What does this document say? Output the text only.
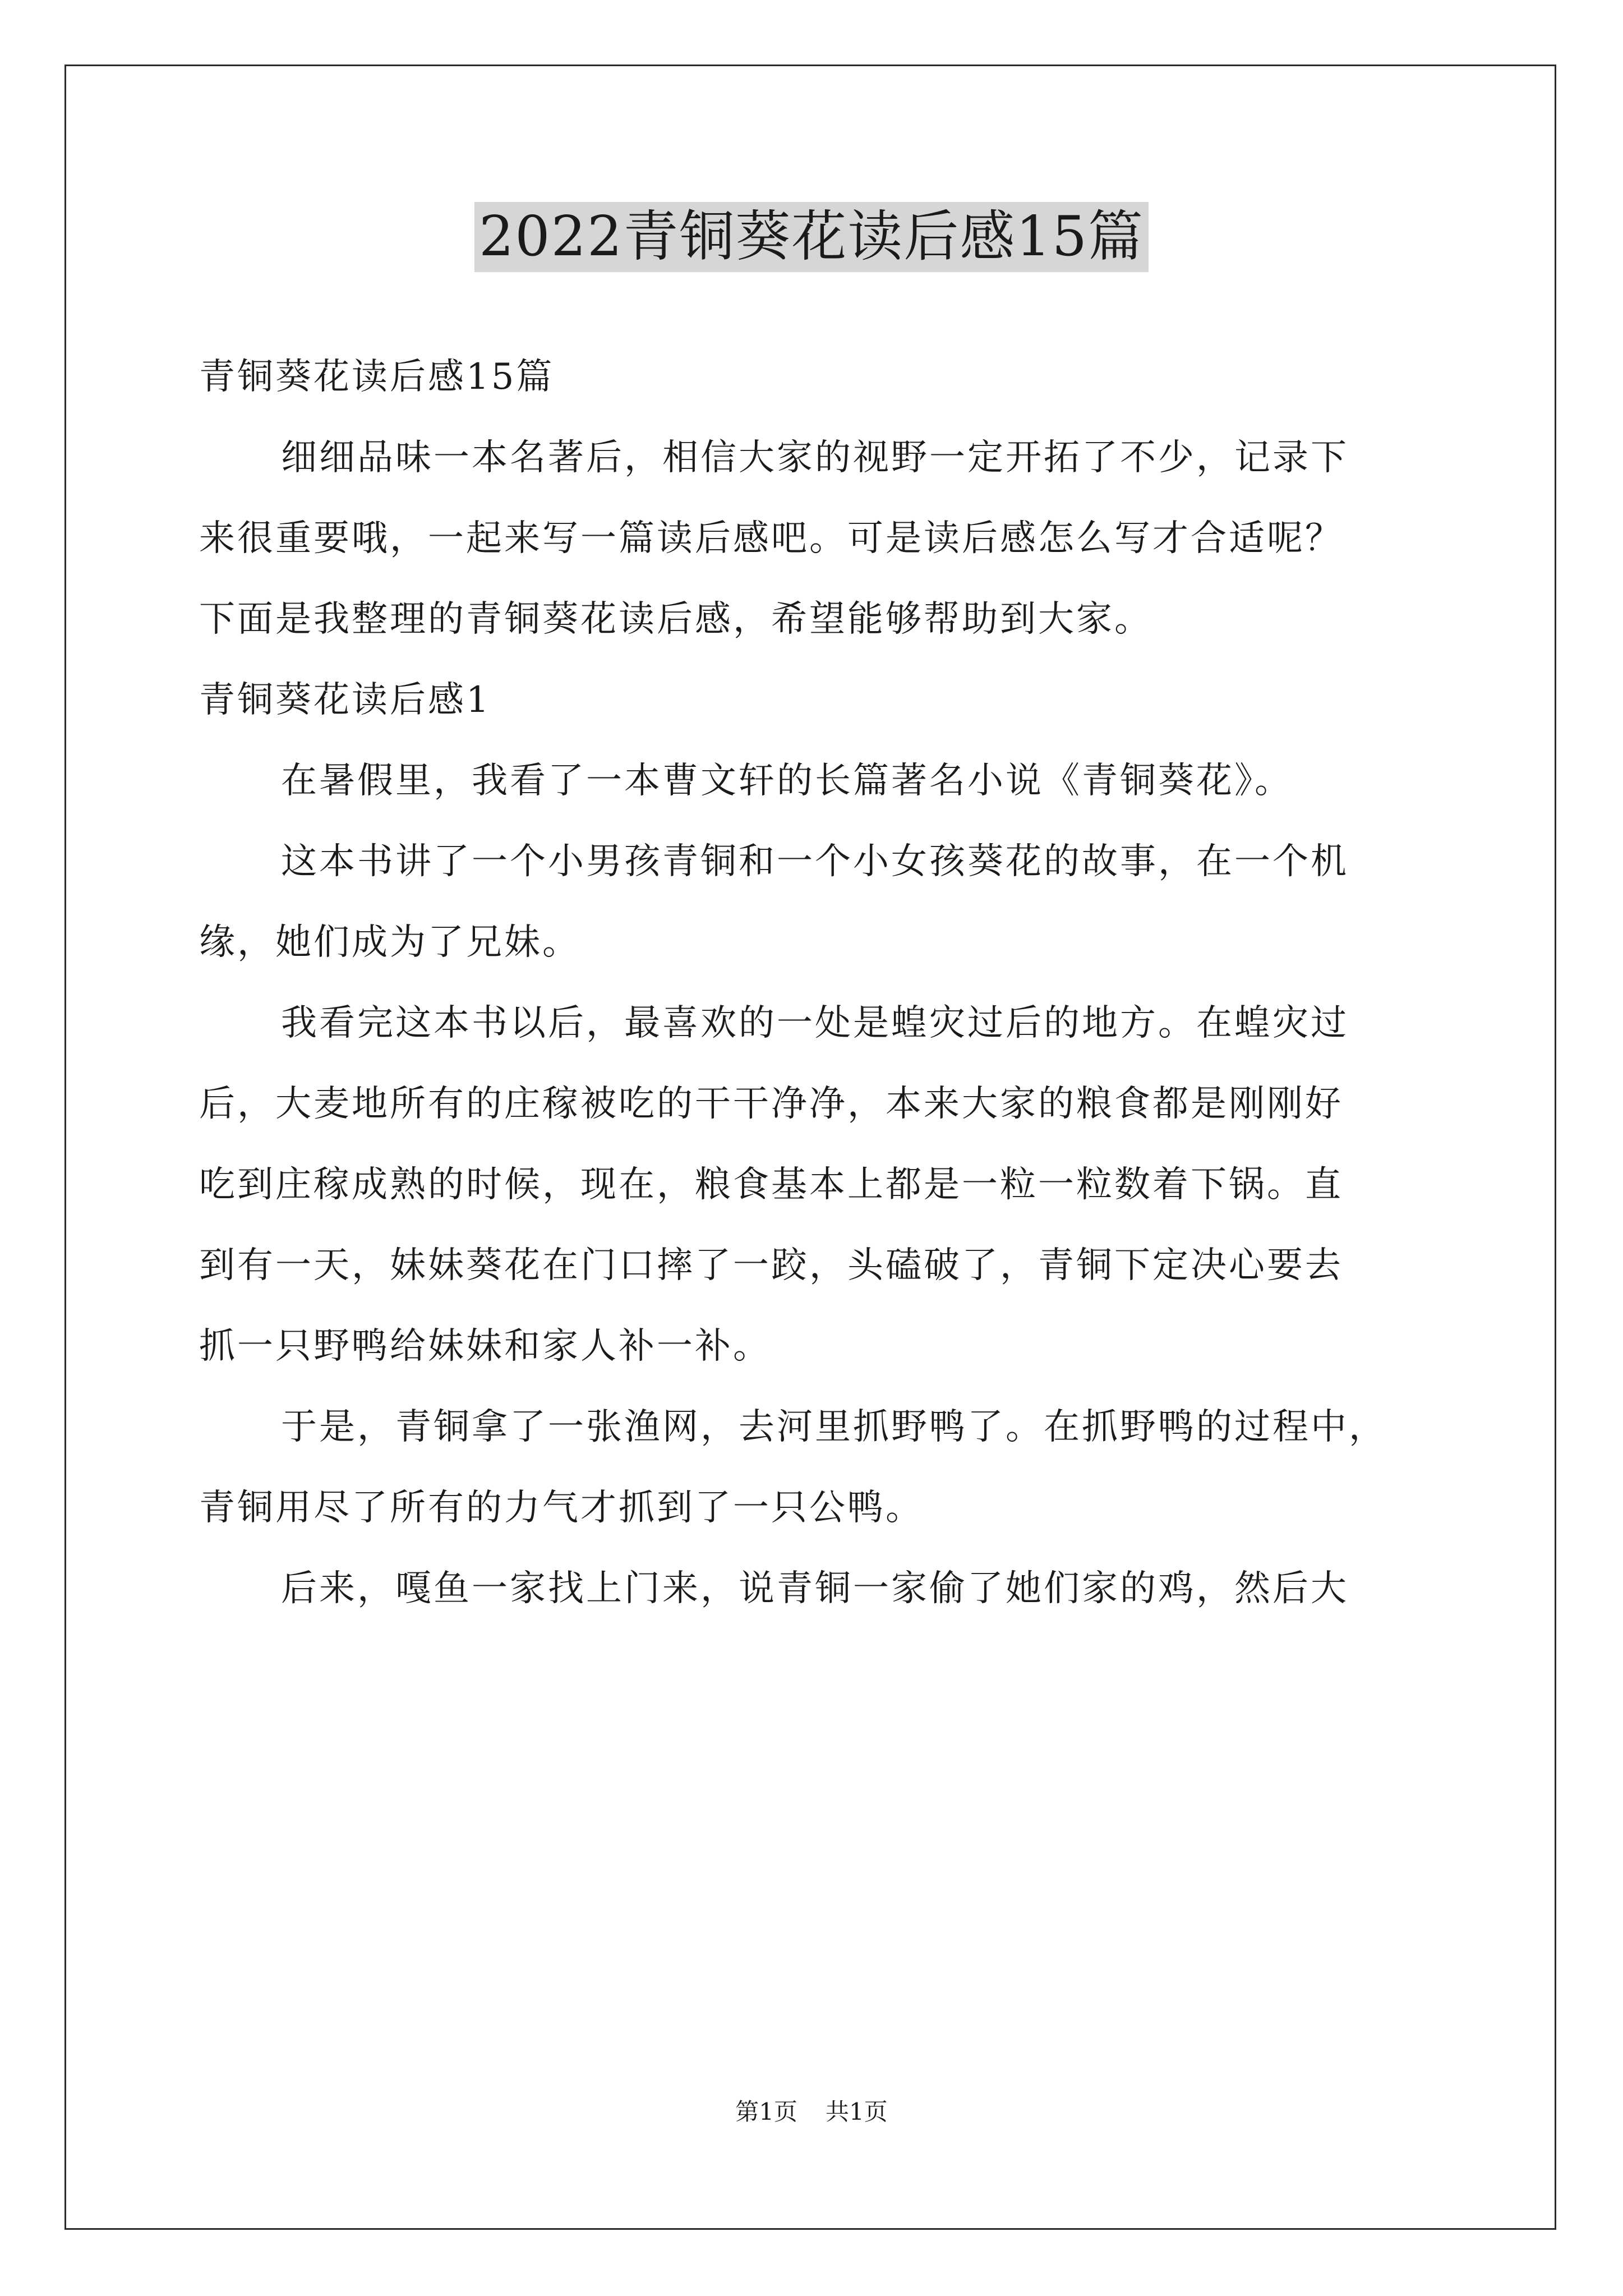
2022青铜葵花读后感15篇

青铜葵花读后感15篇

细细品味一本名著后，相信大家的视野一定开拓了不少，记录下

来很重要哦，一起来写一篇读后感吧。可是读后感怎么写才合适呢？

下面是我整理的青铜葵花读后感，希望能够帮助到大家。

青铜葵花读后感1

在暑假里，我看了一本曹文轩的长篇著名小说《青铜葵花》。

这本书讲了一个小男孩青铜和一个小女孩葵花的故事，在一个机

缘，她们成为了兄妹。

我看完这本书以后，最喜欢的一处是蝗灾过后的地方。在蝗灾过

后，大麦地所有的庄稼被吃的干干净净，本来大家的粮食都是刚刚好

吃到庄稼成熟的时候，现在，粮食基本上都是一粒一粒数着下锅。直

到有一天，妹妹葵花在门口摔了一跤，头磕破了，青铜下定决心要去

抓一只野鸭给妹妹和家人补一补。

于是，青铜拿了一张渔网，去河里抓野鸭了。在抓野鸭的过程中，

青铜用尽了所有的力气才抓到了一只公鸭。

后来，嘎鱼一家找上门来，说青铜一家偷了她们家的鸡，然后大

第1页 共1页
